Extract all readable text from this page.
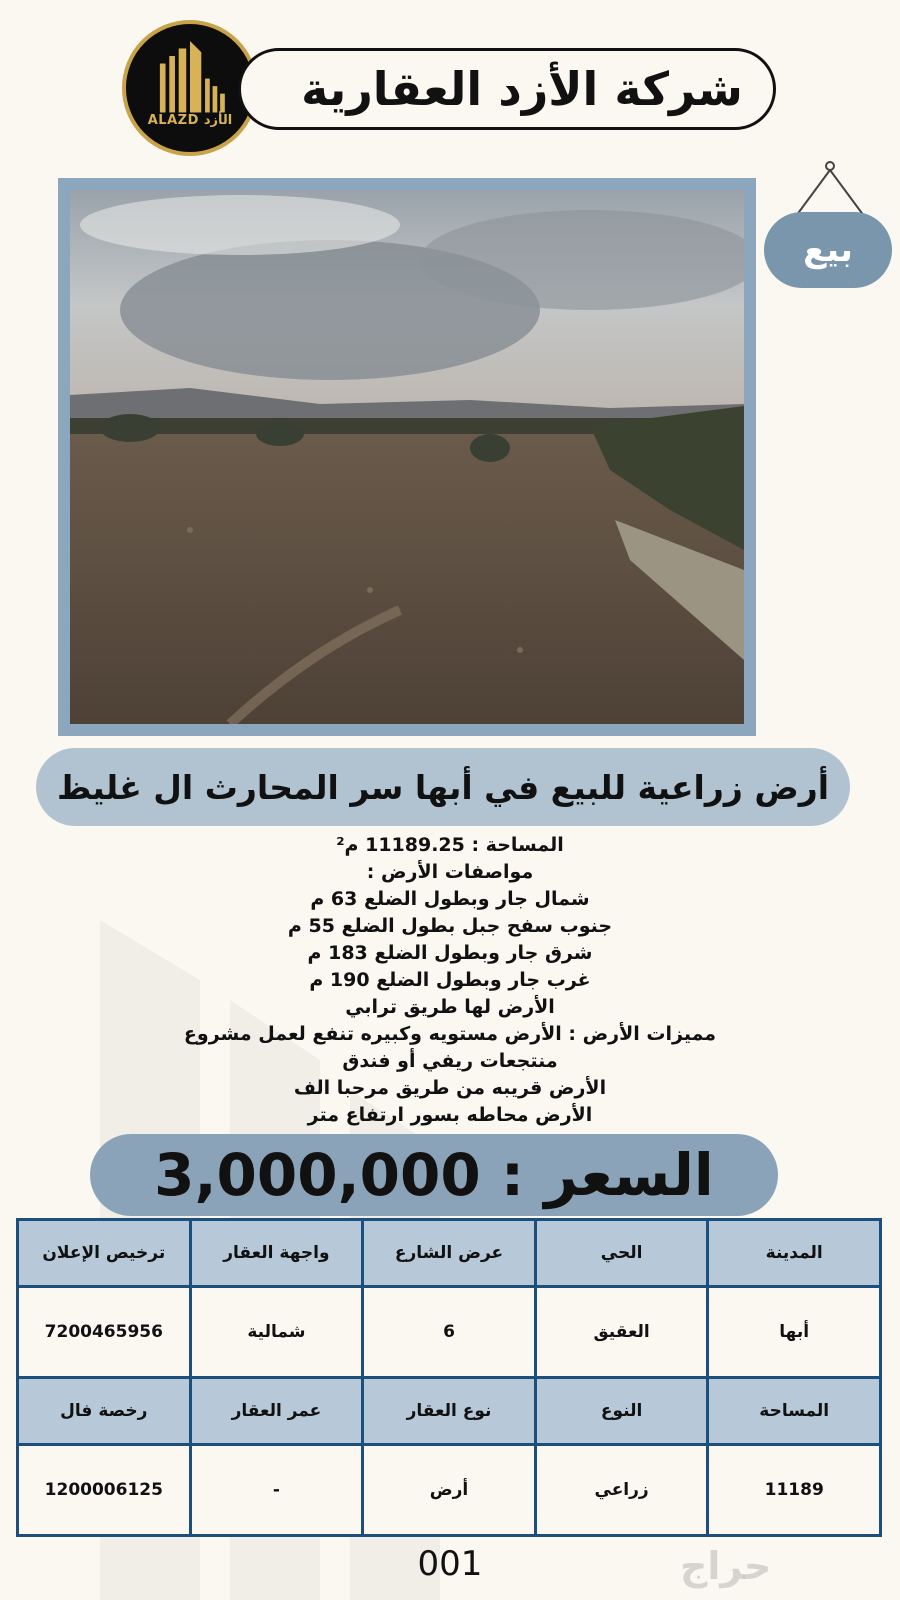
ALAZD الأزد
شركة الأزد العقارية
بيع
أرض زراعية للبيع في أبها سر المحارث ال غليظ
المساحة : 11189.25 م²
مواصفات الأرض :
شمال جار وبطول الضلع 63 م
جنوب سفح جبل بطول الضلع 55 م
شرق جار وبطول الضلع 183 م
غرب جار وبطول الضلع 190 م
الأرض لها طريق ترابي
مميزات الأرض : الأرض مستويه وكبيره تنفع لعمل مشروع
منتجعات ريفي أو فندق
الأرض قريبه من طريق مرحبا الف
الأرض محاطه بسور ارتفاع متر
السعر : 3,000,000
المدينة	الحي	عرض الشارع	واجهة العقار	ترخيص الإعلان
أبها	العقيق	6	شمالية	7200465956
المساحة	النوع	نوع العقار	عمر العقار	رخصة فال
11189	زراعي	أرض	-	1200006125
001	حراج
